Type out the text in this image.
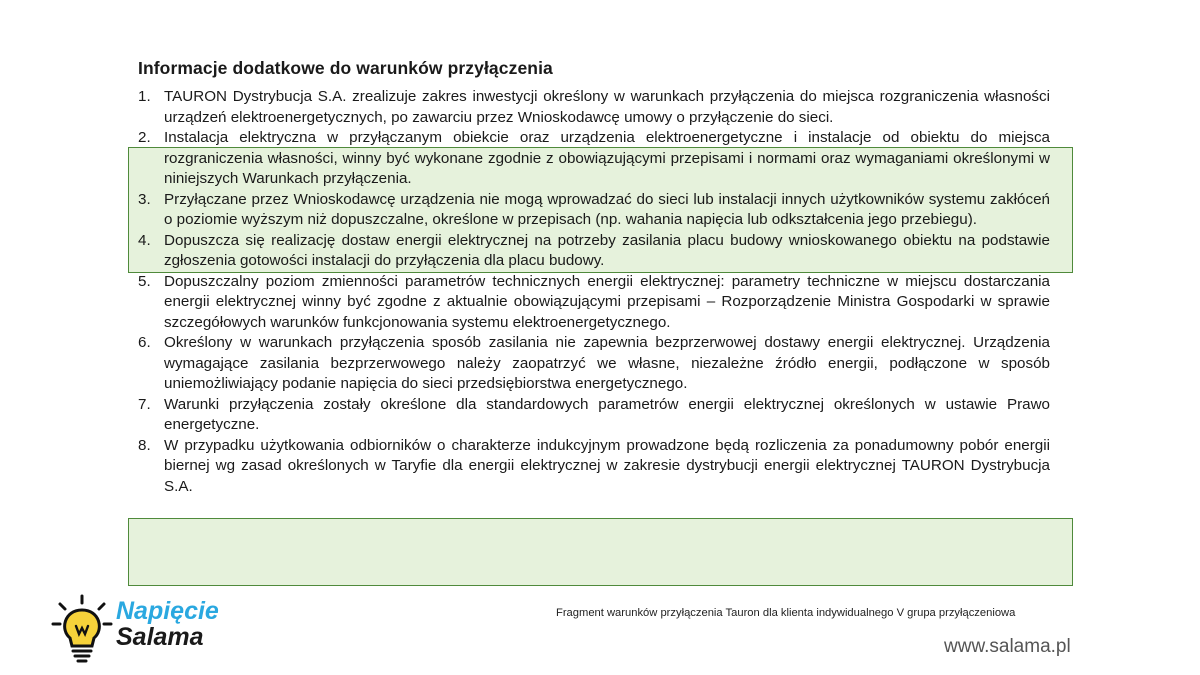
Informacje dodatkowe do warunków przyłączenia
1. TAURON Dystrybucja S.A. zrealizuje zakres inwestycji określony w warunkach przyłączenia do miejsca rozgraniczenia własności urządzeń elektroenergetycznych, po zawarciu przez Wnioskodawcę umowy o przyłączenie do sieci.
2. Instalacja elektryczna w przyłączanym obiekcie oraz urządzenia elektroenergetyczne i instalacje od obiektu do miejsca rozgraniczenia własności, winny być wykonane zgodnie z obowiązującymi przepisami i normami oraz wymaganiami określonymi w niniejszych Warunkach przyłączenia.
3. Przyłączane przez Wnioskodawcę urządzenia nie mogą wprowadzać do sieci lub instalacji innych użytkowników systemu zakłóceń o poziomie wyższym niż dopuszczalne, określone w przepisach (np. wahania napięcia lub odkształcenia jego przebiegu).
4. Dopuszcza się realizację dostaw energii elektrycznej na potrzeby zasilania placu budowy wnioskowanego obiektu na podstawie zgłoszenia gotowości instalacji do przyłączenia dla placu budowy.
5. Dopuszczalny poziom zmienności parametrów technicznych energii elektrycznej: parametry techniczne w miejscu dostarczania energii elektrycznej winny być zgodne z aktualnie obowiązującymi przepisami – Rozporządzenie Ministra Gospodarki w sprawie szczegółowych warunków funkcjonowania systemu elektroenergetycznego.
6. Określony w warunkach przyłączenia sposób zasilania nie zapewnia bezprzerwowej dostawy energii elektrycznej. Urządzenia wymagające zasilania bezprzerwowego należy zaopatrzyć we własne, niezależne źródło energii, podłączone w sposób uniemożliwiający podanie napięcia do sieci przedsiębiorstwa energetycznego.
7. Warunki przyłączenia zostały określone dla standardowych parametrów energii elektrycznej określonych w ustawie Prawo energetyczne.
8. W przypadku użytkowania odbiorników o charakterze indukcyjnym prowadzone będą rozliczenia za ponadumowny pobór energii biernej wg zasad określonych w Taryfie dla energii elektrycznej w zakresie dystrybucji energii elektrycznej TAURON Dystrybucja S.A.
Napięcie
Salama
Fragment warunków przyłączenia Tauron dla klienta indywidualnego V grupa przyłączeniowa
www.salama.pl
